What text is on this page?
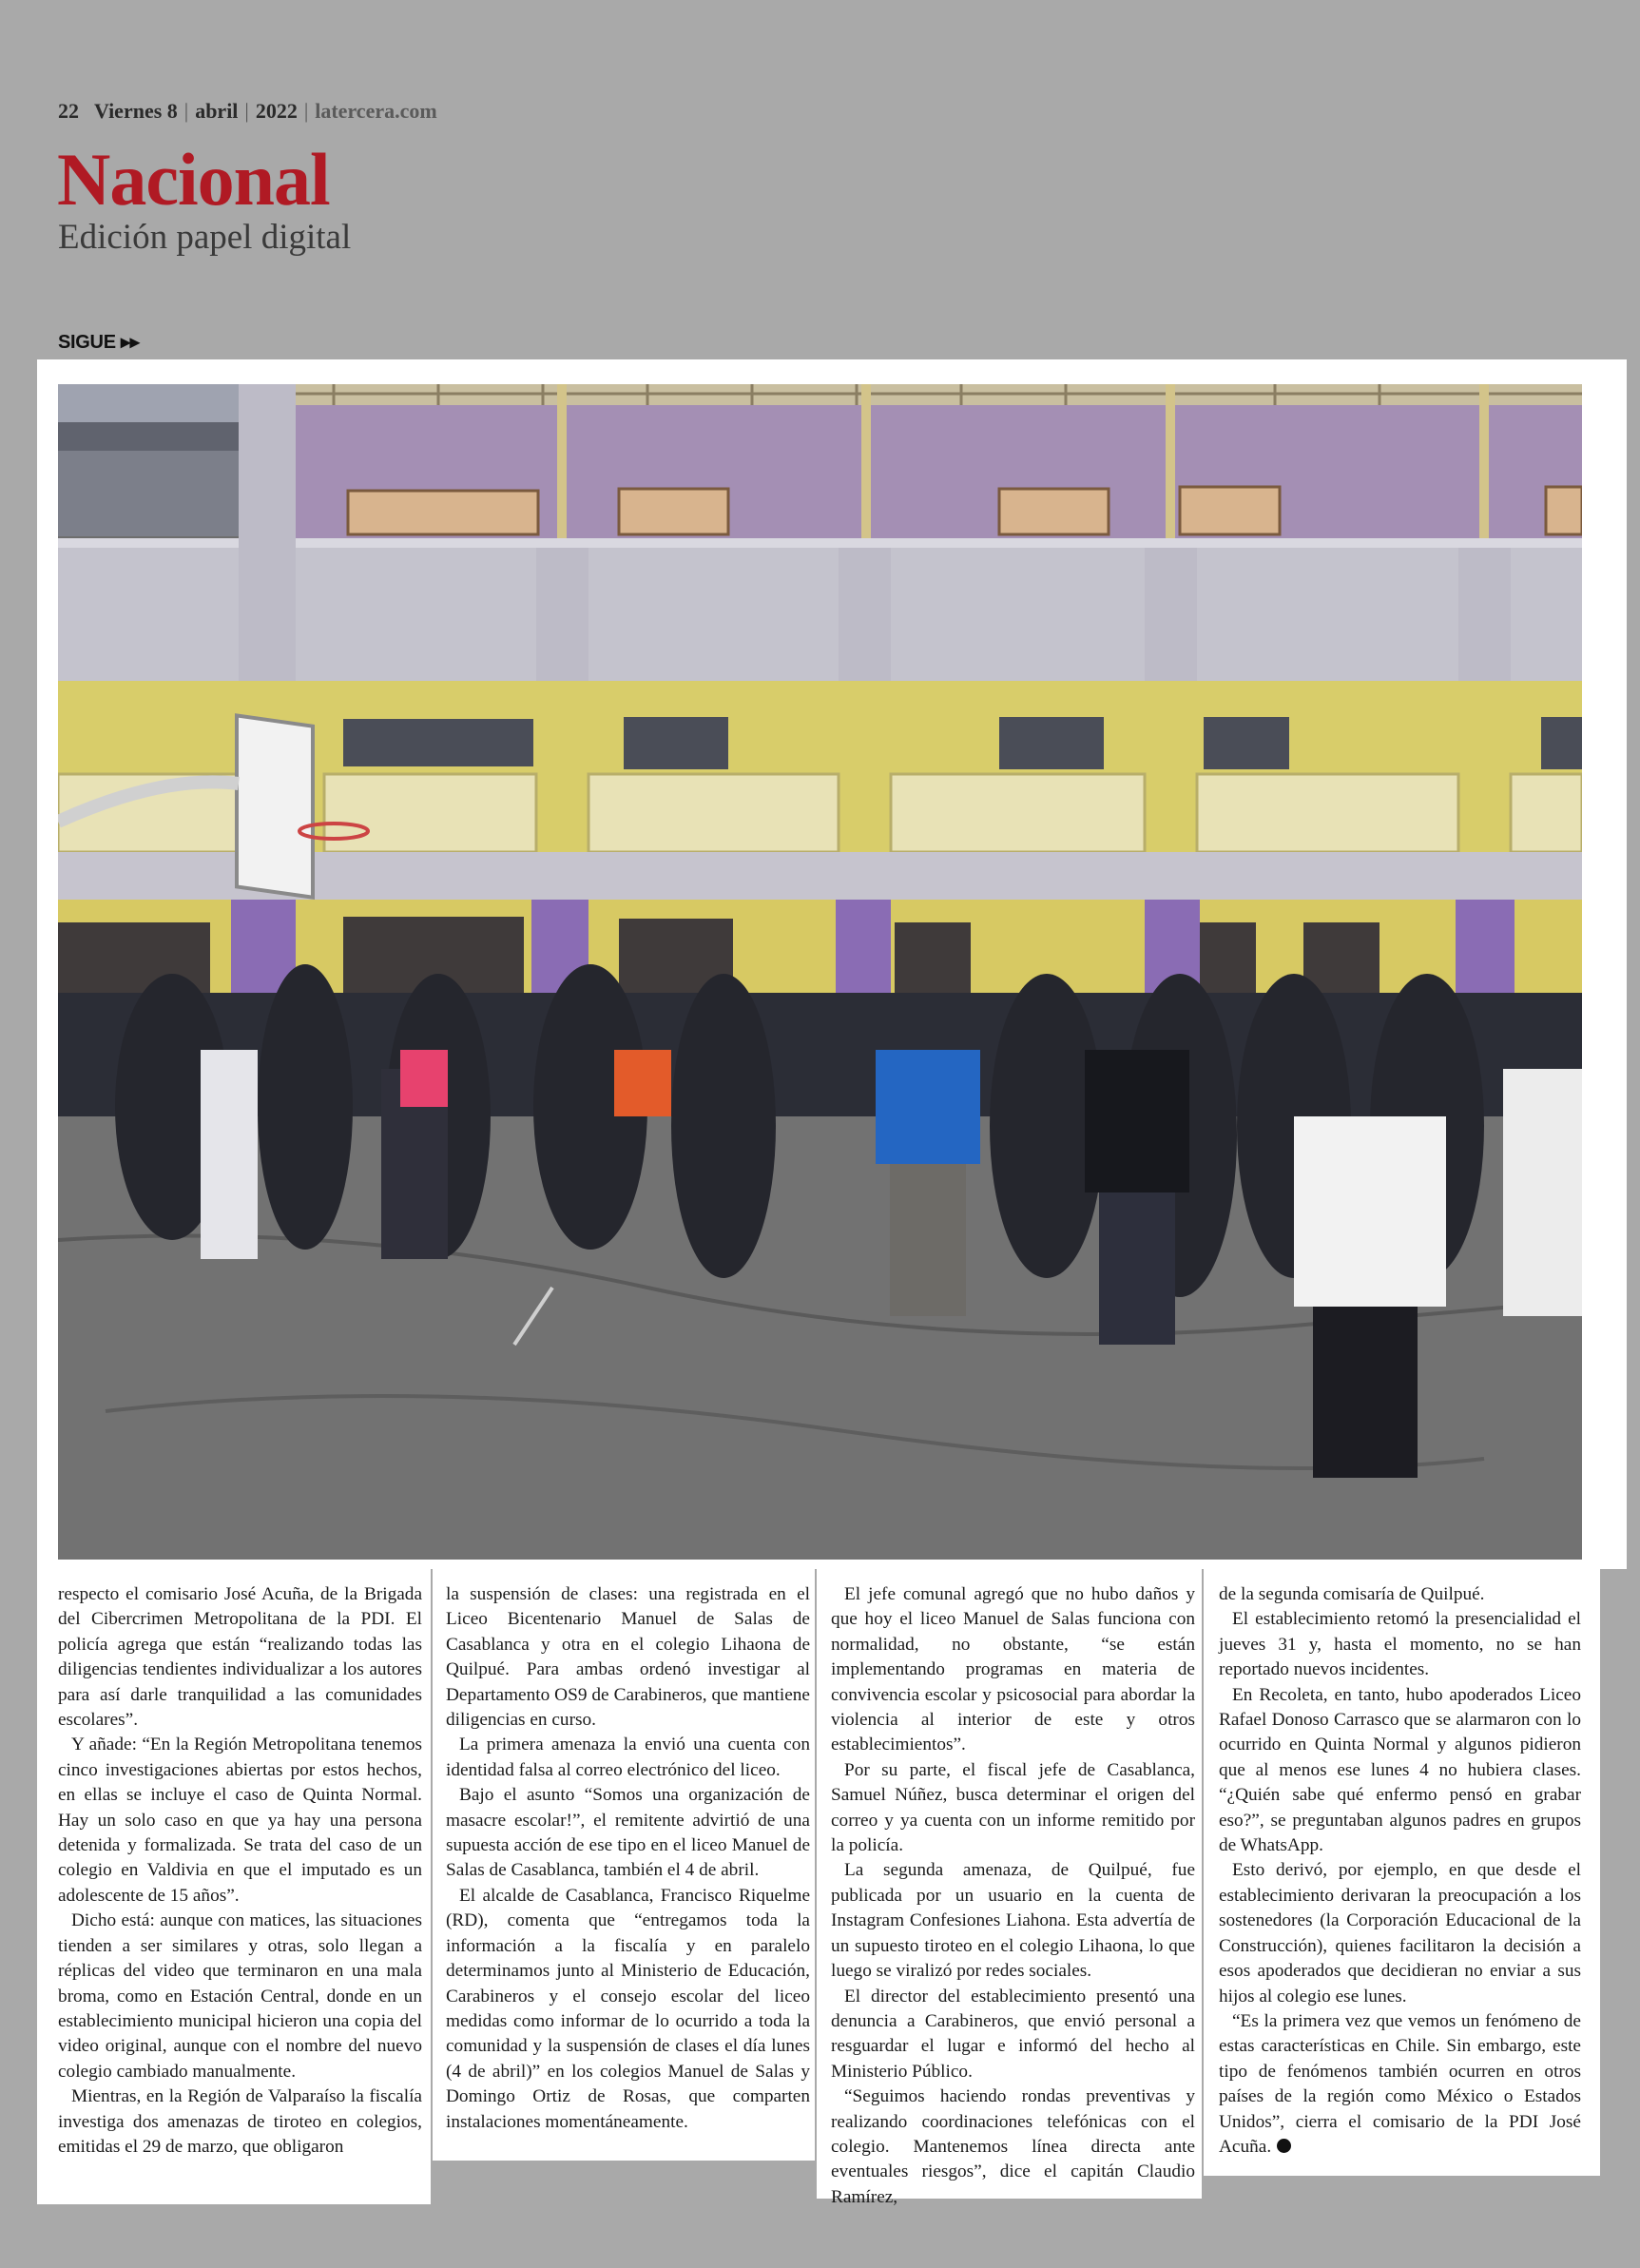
22 Viernes 8 | abril | 2022 | latercera.com
Nacional
Edición papel digital
SIGUE ▸▸

respecto el comisario José Acuña, de la Brigada del Cibercrimen Metropolitana de la PDI. El policía agrega que están “realizando todas las diligencias tendientes individualizar a los autores para así darle tranquilidad a las comunidades escolares”.

Y añade: “En la Región Metropolitana tenemos cinco investigaciones abiertas por estos hechos, en ellas se incluye el caso de Quinta Normal. Hay un solo caso en que ya hay una persona detenida y formalizada. Se trata del caso de un colegio en Valdivia en que el imputado es un adolescente de 15 años”.

Dicho está: aunque con matices, las situaciones tienden a ser similares y otras, solo llegan a réplicas del video que terminaron en una mala broma, como en Estación Central, donde en un establecimiento municipal hicieron una copia del video original, aunque con el nombre del nuevo colegio cambiado manualmente.

Mientras, en la Región de Valparaíso la fiscalía investiga dos amenazas de tiroteo en colegios, emitidas el 29 de marzo, que obligaron

la suspensión de clases: una registrada en el Liceo Bicentenario Manuel de Salas de Casablanca y otra en el colegio Lihaona de Quilpué. Para ambas ordenó investigar al Departamento OS9 de Carabineros, que mantiene diligencias en curso.

La primera amenaza la envió una cuenta con identidad falsa al correo electrónico del liceo.

Bajo el asunto “Somos una organización de masacre escolar!”, el remitente advirtió de una supuesta acción de ese tipo en el liceo Manuel de Salas de Casablanca, también el 4 de abril.

El alcalde de Casablanca, Francisco Riquelme (RD), comenta que “entregamos toda la información a la fiscalía y en paralelo determinamos junto al Ministerio de Educación, Carabineros y el consejo escolar del liceo medidas como informar de lo ocurrido a toda la comunidad y la suspensión de clases el día lunes (4 de abril)” en los colegios Manuel de Salas y Domingo Ortiz de Rosas, que comparten instalaciones momentáneamente.

El jefe comunal agregó que no hubo daños y que hoy el liceo Manuel de Salas funciona con normalidad, no obstante, “se están implementando programas en materia de convivencia escolar y psicosocial para abordar la violencia al interior de este y otros establecimientos”.

Por su parte, el fiscal jefe de Casablanca, Samuel Núñez, busca determinar el origen del correo y ya cuenta con un informe remitido por la policía.

La segunda amenaza, de Quilpué, fue publicada por un usuario en la cuenta de Instagram Confesiones Liahona. Esta advertía de un supuesto tiroteo en el colegio Lihaona, lo que luego se viralizó por redes sociales.

El director del establecimiento presentó una denuncia a Carabineros, que envió personal a resguardar el lugar e informó del hecho al Ministerio Público.

“Seguimos haciendo rondas preventivas y realizando coordinaciones telefónicas con el colegio. Mantenemos línea directa ante eventuales riesgos”, dice el capitán Claudio Ramírez,

de la segunda comisaría de Quilpué.

El establecimiento retomó la presencialidad el jueves 31 y, hasta el momento, no se han reportado nuevos incidentes.

En Recoleta, en tanto, hubo apoderados Liceo Rafael Donoso Carrasco que se alarmaron con lo ocurrido en Quinta Normal y algunos pidieron que al menos ese lunes 4 no hubiera clases. “¿Quién sabe qué enfermo pensó en grabar eso?”, se preguntaban algunos padres en grupos de WhatsApp.

Esto derivó, por ejemplo, en que desde el establecimiento derivaran la preocupación a los sostenedores (la Corporación Educacional de la Construcción), quienes facilitaron la decisión a esos apoderados que decidieran no enviar a sus hijos al colegio ese lunes.

“Es la primera vez que vemos un fenómeno de estas características en Chile. Sin embargo, este tipo de fenómenos también ocurren en otros países de la región como México o Estados Unidos”, cierra el comisario de la PDI José Acuña.
